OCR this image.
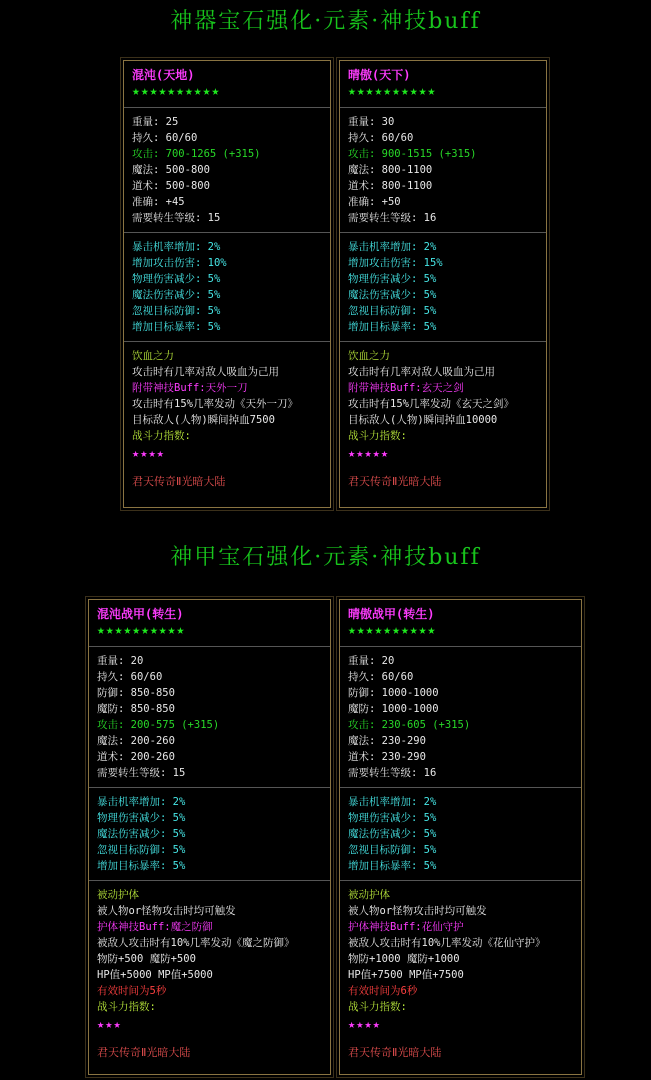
神器宝石强化·元素·神技buff
混沌(天地)
★★★★★★★★★★
重量: 25
持久: 60/60
攻击: 700-1265 (+315)
魔法: 500-800
道术: 500-800
准确: +45
需要转生等级: 15
暴击机率增加: 2%
增加攻击伤害: 10%
物理伤害减少: 5%
魔法伤害减少: 5%
忽视目标防御: 5%
增加目标暴率: 5%
饮血之力
攻击时有几率对敌人吸血为己用
附带神技Buff:天外一刀
攻击时有15%几率发动《天外一刀》
目标敌人(人物)瞬间掉血7500
战斗力指数:
★★★★
君天传奇Ⅱ光暗大陆
晴傲(天下)
★★★★★★★★★★
重量: 30
持久: 60/60
攻击: 900-1515 (+315)
魔法: 800-1100
道术: 800-1100
准确: +50
需要转生等级: 16
暴击机率增加: 2%
增加攻击伤害: 15%
物理伤害减少: 5%
魔法伤害减少: 5%
忽视目标防御: 5%
增加目标暴率: 5%
饮血之力
攻击时有几率对敌人吸血为己用
附带神技Buff:玄天之剑
攻击时有15%几率发动《玄天之剑》
目标敌人(人物)瞬间掉血10000
战斗力指数:
★★★★★
君天传奇Ⅱ光暗大陆
神甲宝石强化·元素·神技buff
混沌战甲(转生)
★★★★★★★★★★
重量: 20
持久: 60/60
防御: 850-850
魔防: 850-850
攻击: 200-575 (+315)
魔法: 200-260
道术: 200-260
需要转生等级: 15
暴击机率增加: 2%
物理伤害减少: 5%
魔法伤害减少: 5%
忽视目标防御: 5%
增加目标暴率: 5%
被动护体
被人物or怪物攻击时均可触发
护体神技Buff:魔之防御
被敌人攻击时有10%几率发动《魔之防御》
物防+500 魔防+500
HP值+5000 MP值+5000
有效时间为5秒
战斗力指数:
★★★
君天传奇Ⅱ光暗大陆
晴傲战甲(转生)
★★★★★★★★★★
重量: 20
持久: 60/60
防御: 1000-1000
魔防: 1000-1000
攻击: 230-605 (+315)
魔法: 230-290
道术: 230-290
需要转生等级: 16
暴击机率增加: 2%
物理伤害减少: 5%
魔法伤害减少: 5%
忽视目标防御: 5%
增加目标暴率: 5%
被动护体
被人物or怪物攻击时均可触发
护体神技Buff:花仙守护
被敌人攻击时有10%几率发动《花仙守护》
物防+1000 魔防+1000
HP值+7500 MP值+7500
有效时间为6秒
战斗力指数:
★★★★
君天传奇Ⅱ光暗大陆
